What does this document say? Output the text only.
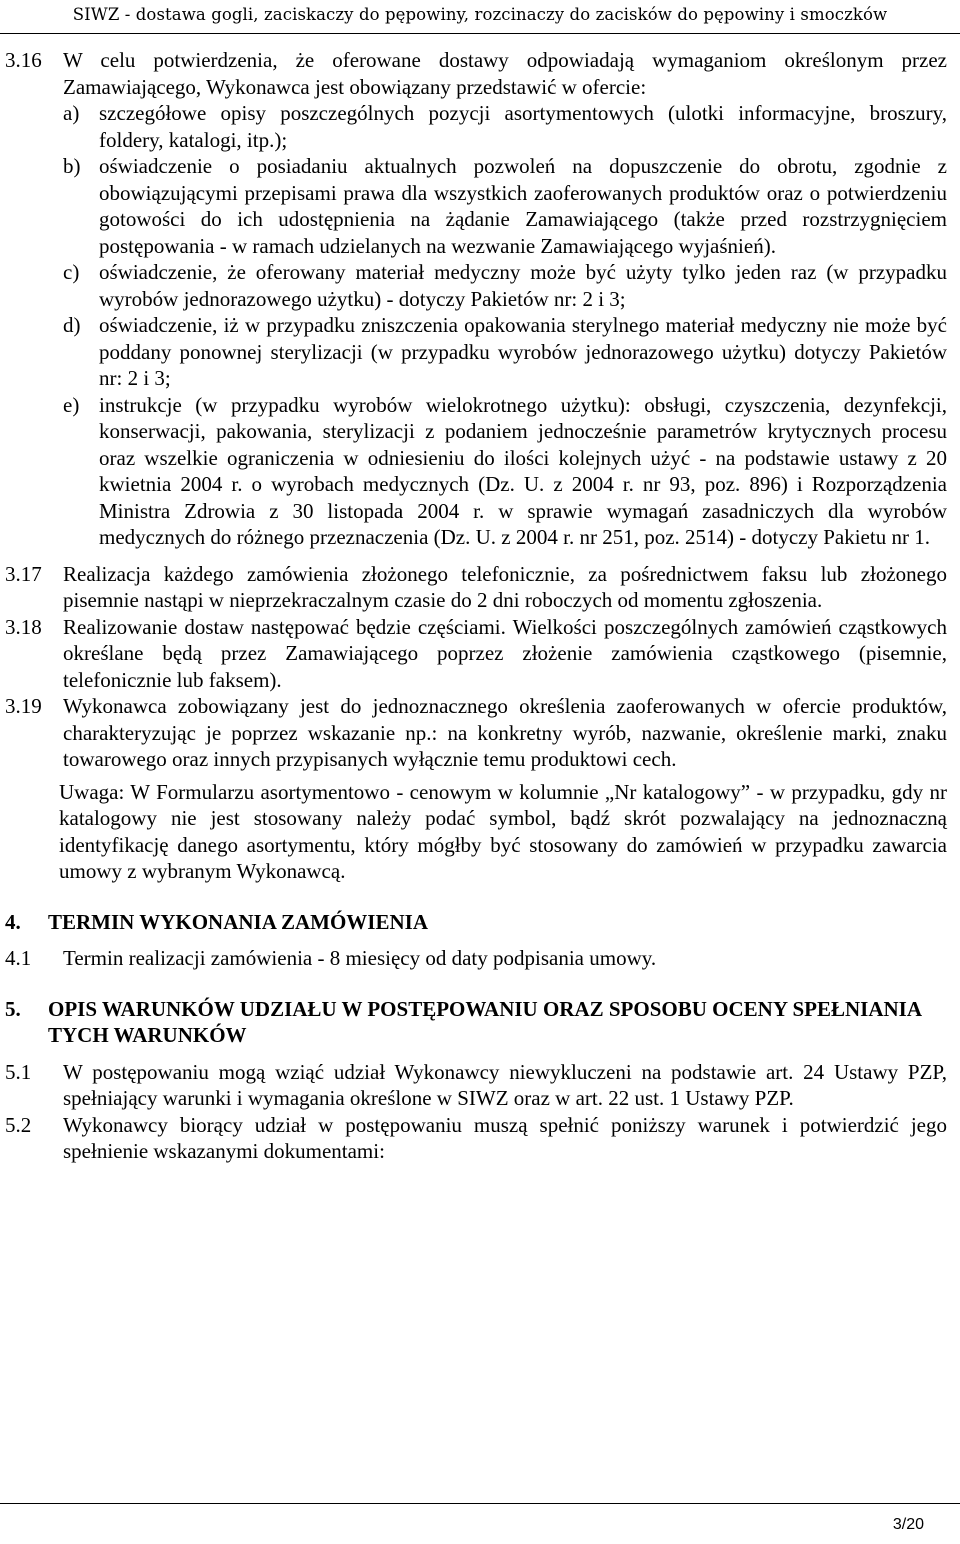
SIWZ - dostawa gogli, zaciskaczy do pępowiny, rozcinaczy do zacisków do pępowiny i smoczków
3.16	W celu potwierdzenia, że oferowane dostawy odpowiadają wymaganiom określonym przez Zamawiającego, Wykonawca jest obowiązany przedstawić w ofercie:
a) szczegółowe opisy poszczególnych pozycji asortymentowych (ulotki informacyjne, broszury, foldery, katalogi, itp.);
b) oświadczenie o posiadaniu aktualnych pozwoleń na dopuszczenie do obrotu, zgodnie z obowiązującymi przepisami prawa dla wszystkich zaoferowanych produktów oraz o potwierdzeniu gotowości do ich udostępnienia na żądanie Zamawiającego (także przed rozstrzygnięciem postępowania - w ramach udzielanych na wezwanie Zamawiającego wyjaśnień).
c) oświadczenie, że oferowany materiał medyczny może być użyty tylko jeden raz (w przypadku wyrobów jednorazowego użytku) - dotyczy Pakietów nr: 2 i 3;
d) oświadczenie, iż w przypadku zniszczenia opakowania sterylnego materiał medyczny nie może być poddany ponownej sterylizacji (w przypadku wyrobów jednorazowego użytku) dotyczy Pakietów nr: 2 i 3;
e) instrukcje (w przypadku wyrobów wielokrotnego użytku): obsługi, czyszczenia, dezynfekcji, konserwacji, pakowania, sterylizacji z podaniem jednocześnie parametrów krytycznych procesu oraz wszelkie ograniczenia w odniesieniu do ilości kolejnych użyć - na podstawie ustawy z 20 kwietnia 2004 r. o wyrobach medycznych (Dz. U. z 2004 r. nr 93, poz. 896) i Rozporządzenia Ministra Zdrowia z 30 listopada 2004 r. w sprawie wymagań zasadniczych dla wyrobów medycznych do różnego przeznaczenia (Dz. U. z 2004 r. nr 251, poz. 2514) - dotyczy Pakietu nr 1.
3.17	Realizacja każdego zamówienia złożonego telefonicznie, za pośrednictwem faksu lub złożonego pisemnie nastąpi w nieprzekraczalnym czasie do 2 dni roboczych od momentu zgłoszenia.
3.18	Realizowanie dostaw następować będzie częściami. Wielkości poszczególnych zamówień cząstkowych określane będą przez Zamawiającego poprzez złożenie zamówienia cząstkowego (pisemnie, telefonicznie lub faksem).
3.19	Wykonawca zobowiązany jest do jednoznacznego określenia zaoferowanych w ofercie produktów, charakteryzując je poprzez wskazanie np.: na konkretny wyrób, nazwanie, określenie marki, znaku towarowego oraz innych przypisanych wyłącznie temu produktowi cech.
Uwaga: W Formularzu asortymentowo - cenowym w kolumnie „Nr katalogowy” - w przypadku, gdy nr katalogowy nie jest stosowany należy podać symbol, bądź skrót pozwalający na jednoznaczną identyfikację danego asortymentu, który mógłby być stosowany do zamówień w przypadku zawarcia umowy z wybranym Wykonawcą.
4.	TERMIN WYKONANIA ZAMÓWIENIA
4.1	Termin realizacji zamówienia - 8 miesięcy od daty podpisania umowy.
5.	OPIS WARUNKÓW UDZIAŁU W POSTĘPOWANIU ORAZ SPOSOBU OCENY SPEŁNIANIA TYCH WARUNKÓW
5.1	W postępowaniu mogą wziąć udział Wykonawcy niewykluczeni na podstawie art. 24 Ustawy PZP, spełniający warunki i wymagania określone w SIWZ oraz w art. 22 ust. 1 Ustawy PZP.
5.2	Wykonawcy biorący udział w postępowaniu muszą spełnić poniższy warunek i potwierdzić jego spełnienie wskazanymi dokumentami:
3/20
